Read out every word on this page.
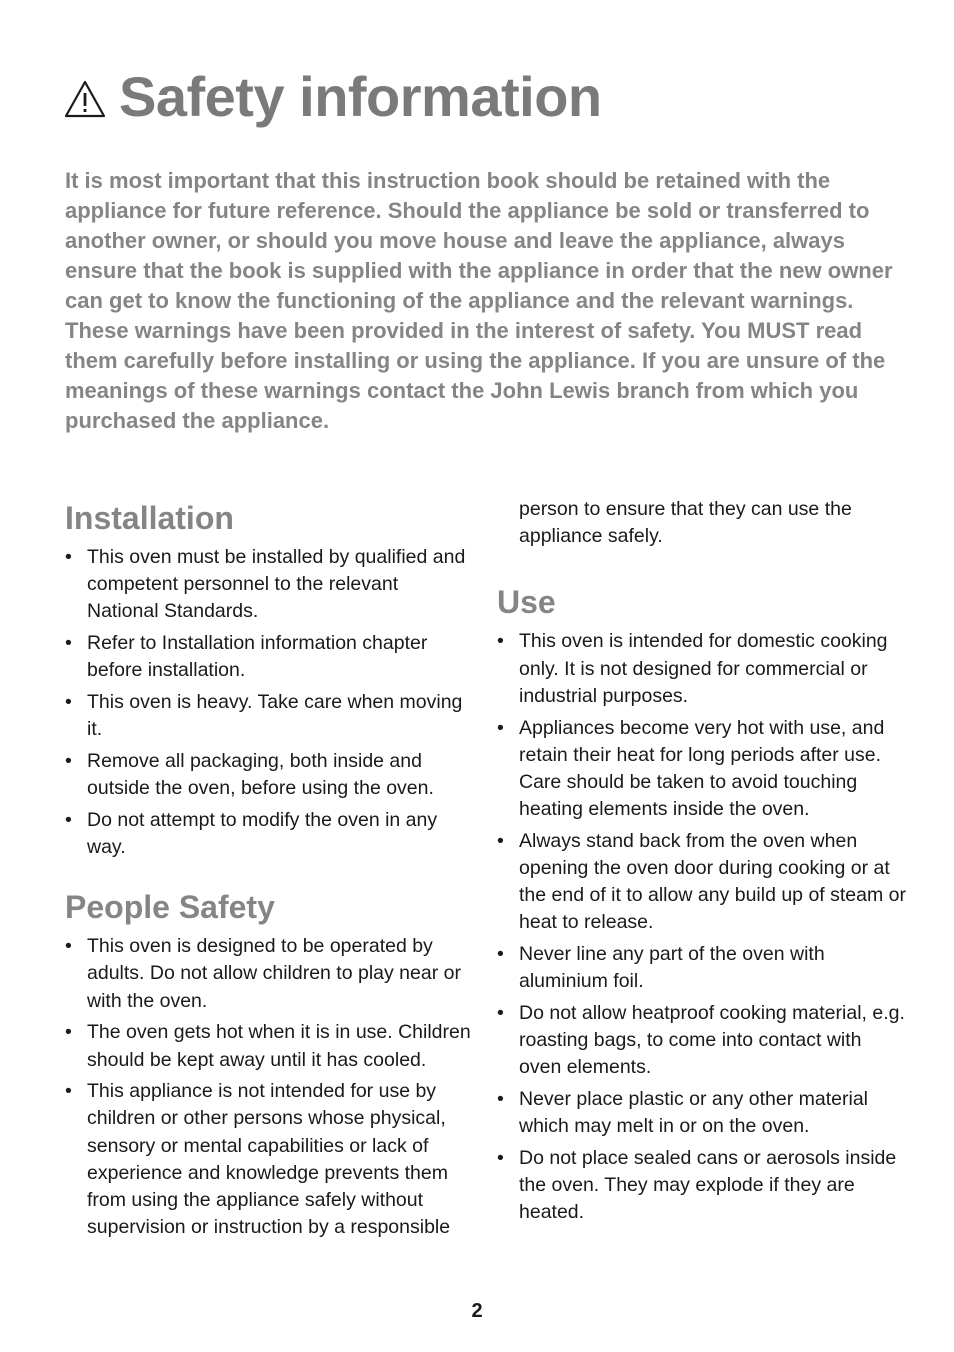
Safety information

It is most important that this instruction book should be retained with the appliance for future reference. Should the appliance be sold or transferred to another owner, or should you move house and leave the appliance, always ensure that the book is supplied with the appliance in order that the new owner can get to know the functioning of the appliance and the relevant warnings.

These warnings have been provided in the interest of safety. You MUST read them carefully before installing or using the appliance. If you are unsure of the meanings of these warnings contact the John Lewis branch from which you purchased the appliance.

Installation
• This oven must be installed by qualified and competent personnel to the relevant National Standards.
• Refer to Installation information chapter before installation.
• This oven is heavy. Take care when moving it.
• Remove all packaging, both inside and outside the oven, before using the oven.
• Do not attempt to modify the oven in any way.
People Safety
• This oven is designed to be operated by adults. Do not allow children to play near or with the oven.
• The oven gets hot when it is in use. Children should be kept away until it has cooled.
• This appliance is not intended for use by children or other persons whose physical, sensory or mental capabilities or lack of experience and knowledge prevents them from using the appliance safely without supervision or instruction by a responsible

person to ensure that they can use the appliance safely.

Use
• This oven is intended for domestic cooking only. It is not designed for commercial or industrial purposes.
• Appliances become very hot with use, and retain their heat for long periods after use. Care should be taken to avoid touching heating elements inside the oven.
• Always stand back from the oven when opening the oven door during cooking or at the end of it to allow any build up of steam or heat to release.
• Never line any part of the oven with aluminium foil.
• Do not allow heatproof cooking material, e.g. roasting bags, to come into contact with oven elements.
• Never place plastic or any other material which may melt in or on the oven.
• Do not place sealed cans or aerosols inside the oven. They may explode if they are heated.
2
